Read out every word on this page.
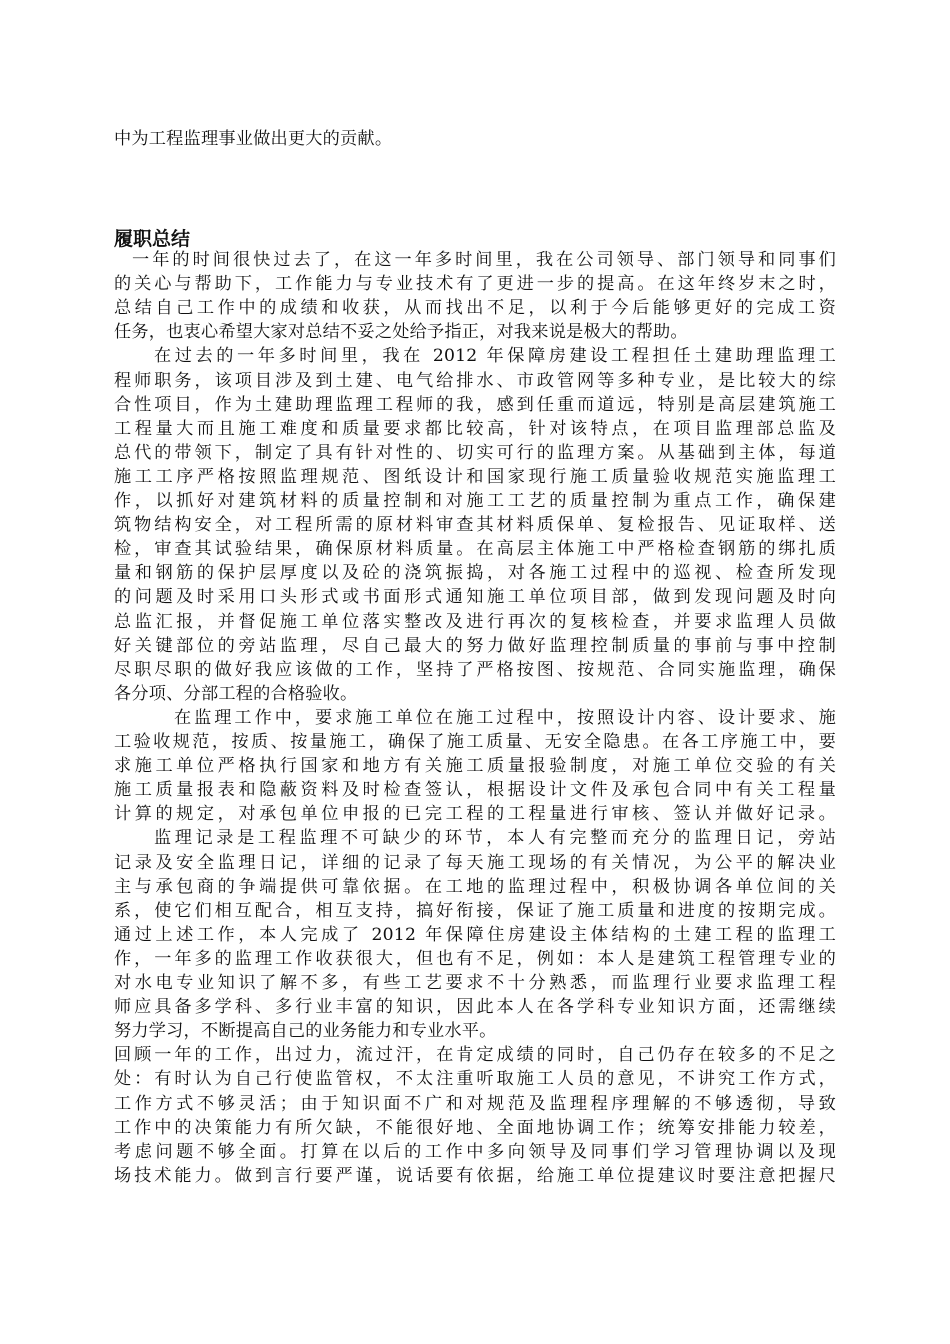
中为工程监理事业做出更大的贡献。
履职总结
一年的时间很快过去了，在这一年多时间里，我在公司领导、部门领导和同事们
的关心与帮助下，工作能力与专业技术有了更进一步的提高。在这年终岁末之时，
总结自己工作中的成绩和收获，从而找出不足，以利于今后能够更好的完成工资
任务，也衷心希望大家对总结不妥之处给予指正，对我来说是极大的帮助。
在过去的一年多时间里，我在 2012 年保障房建设工程担任土建助理监理工
程师职务，该项目涉及到土建、电气给排水、市政管网等多种专业，是比较大的综
合性项目，作为土建助理监理工程师的我，感到任重而道远，特别是高层建筑施工
工程量大而且施工难度和质量要求都比较高，针对该特点，在项目监理部总监及
总代的带领下，制定了具有针对性的、切实可行的监理方案。从基础到主体，每道
施工工序严格按照监理规范、图纸设计和国家现行施工质量验收规范实施监理工
作，以抓好对建筑材料的质量控制和对施工工艺的质量控制为重点工作，确保建
筑物结构安全，对工程所需的原材料审查其材料质保单、复检报告、见证取样、送
检，审查其试验结果，确保原材料质量。在高层主体施工中严格检查钢筋的绑扎质
量和钢筋的保护层厚度以及砼的浇筑振捣，对各施工过程中的巡视、检查所发现
的问题及时采用口头形式或书面形式通知施工单位项目部，做到发现问题及时向
总监汇报，并督促施工单位落实整改及进行再次的复核检查，并要求监理人员做
好关键部位的旁站监理，尽自己最大的努力做好监理控制质量的事前与事中控制
尽职尽职的做好我应该做的工作，坚持了严格按图、按规范、合同实施监理，确保
各分项、分部工程的合格验收。
在监理工作中，要求施工单位在施工过程中，按照设计内容、设计要求、施
工验收规范，按质、按量施工，确保了施工质量、无安全隐患。在各工序施工中，要
求施工单位严格执行国家和地方有关施工质量报验制度，对施工单位交验的有关
施工质量报表和隐蔽资料及时检查签认，根据设计文件及承包合同中有关工程量
计算的规定，对承包单位申报的已完工程的工程量进行审核、签认并做好记录。
监理记录是工程监理不可缺少的环节，本人有完整而充分的监理日记，旁站
记录及安全监理日记，详细的记录了每天施工现场的有关情况，为公平的解决业
主与承包商的争端提供可靠依据。在工地的监理过程中，积极协调各单位间的关
系，使它们相互配合，相互支持，搞好衔接，保证了施工质量和进度的按期完成。
通过上述工作，本人完成了 2012 年保障住房建设主体结构的土建工程的监理工
作，一年多的监理工作收获很大，但也有不足，例如：本人是建筑工程管理专业的
对水电专业知识了解不多，有些工艺要求不十分熟悉，而监理行业要求监理工程
师应具备多学科、多行业丰富的知识，因此本人在各学科专业知识方面，还需继续
努力学习，不断提高自己的业务能力和专业水平。
回顾一年的工作，出过力，流过汗，在肯定成绩的同时，自己仍存在较多的不足之
处：有时认为自己行使监管权，不太注重听取施工人员的意见，不讲究工作方式，
工作方式不够灵活；由于知识面不广和对规范及监理程序理解的不够透彻，导致
工作中的决策能力有所欠缺，不能很好地、全面地协调工作；统筹安排能力较差，
考虑问题不够全面。打算在以后的工作中多向领导及同事们学习管理协调以及现
场技术能力。做到言行要严谨，说话要有依据，给施工单位提建议时要注意把握尺
